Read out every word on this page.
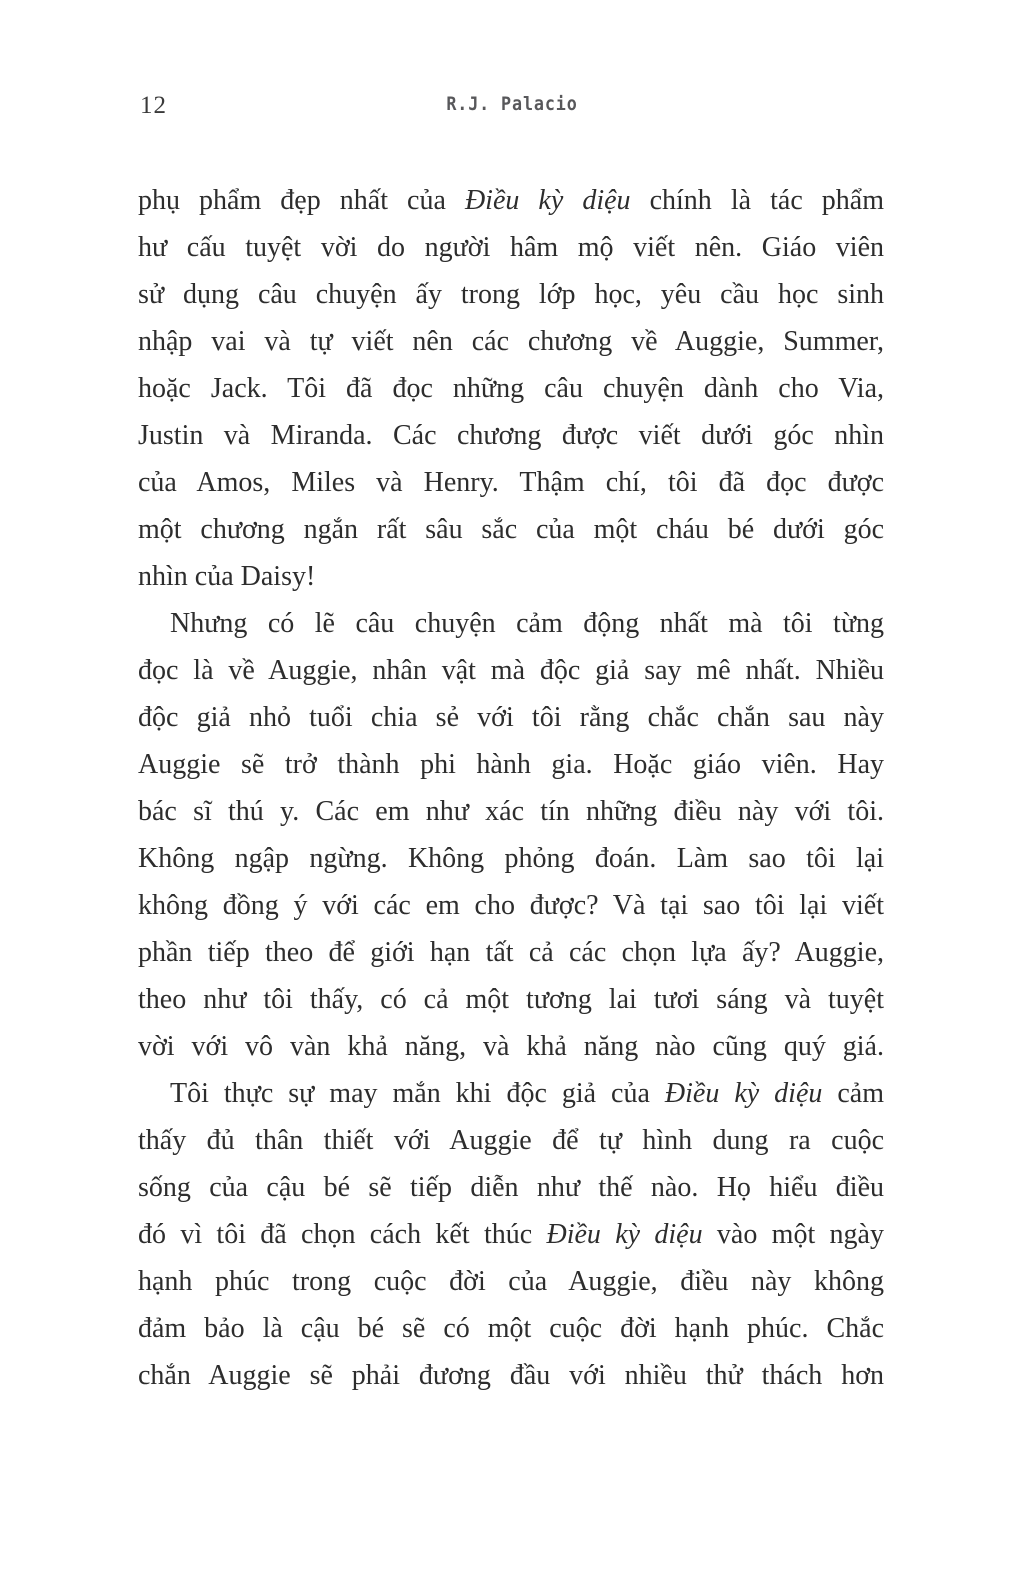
12	R.J. Palacio
phụ phẩm đẹp nhất của Điều kỳ diệu chính là tác phẩm
hư cấu tuyệt vời do người hâm mộ viết nên. Giáo viên
sử dụng câu chuyện ấy trong lớp học, yêu cầu học sinh
nhập vai và tự viết nên các chương về Auggie, Summer,
hoặc Jack. Tôi đã đọc những câu chuyện dành cho Via,
Justin và Miranda. Các chương được viết dưới góc nhìn
của Amos, Miles và Henry. Thậm chí, tôi đã đọc được
một chương ngắn rất sâu sắc của một cháu bé dưới góc
nhìn của Daisy!
Nhưng có lẽ câu chuyện cảm động nhất mà tôi từng
đọc là về Auggie, nhân vật mà độc giả say mê nhất. Nhiều
độc giả nhỏ tuổi chia sẻ với tôi rằng chắc chắn sau này
Auggie sẽ trở thành phi hành gia. Hoặc giáo viên. Hay
bác sĩ thú y. Các em như xác tín những điều này với tôi.
Không ngập ngừng. Không phỏng đoán. Làm sao tôi lại
không đồng ý với các em cho được? Và tại sao tôi lại viết
phần tiếp theo để giới hạn tất cả các chọn lựa ấy? Auggie,
theo như tôi thấy, có cả một tương lai tươi sáng và tuyệt
vời với vô vàn khả năng, và khả năng nào cũng quý giá.
Tôi thực sự may mắn khi độc giả của Điều kỳ diệu cảm
thấy đủ thân thiết với Auggie để tự hình dung ra cuộc
sống của cậu bé sẽ tiếp diễn như thế nào. Họ hiểu điều
đó vì tôi đã chọn cách kết thúc Điều kỳ diệu vào một ngày
hạnh phúc trong cuộc đời của Auggie, điều này không
đảm bảo là cậu bé sẽ có một cuộc đời hạnh phúc. Chắc
chắn Auggie sẽ phải đương đầu với nhiều thử thách hơn
